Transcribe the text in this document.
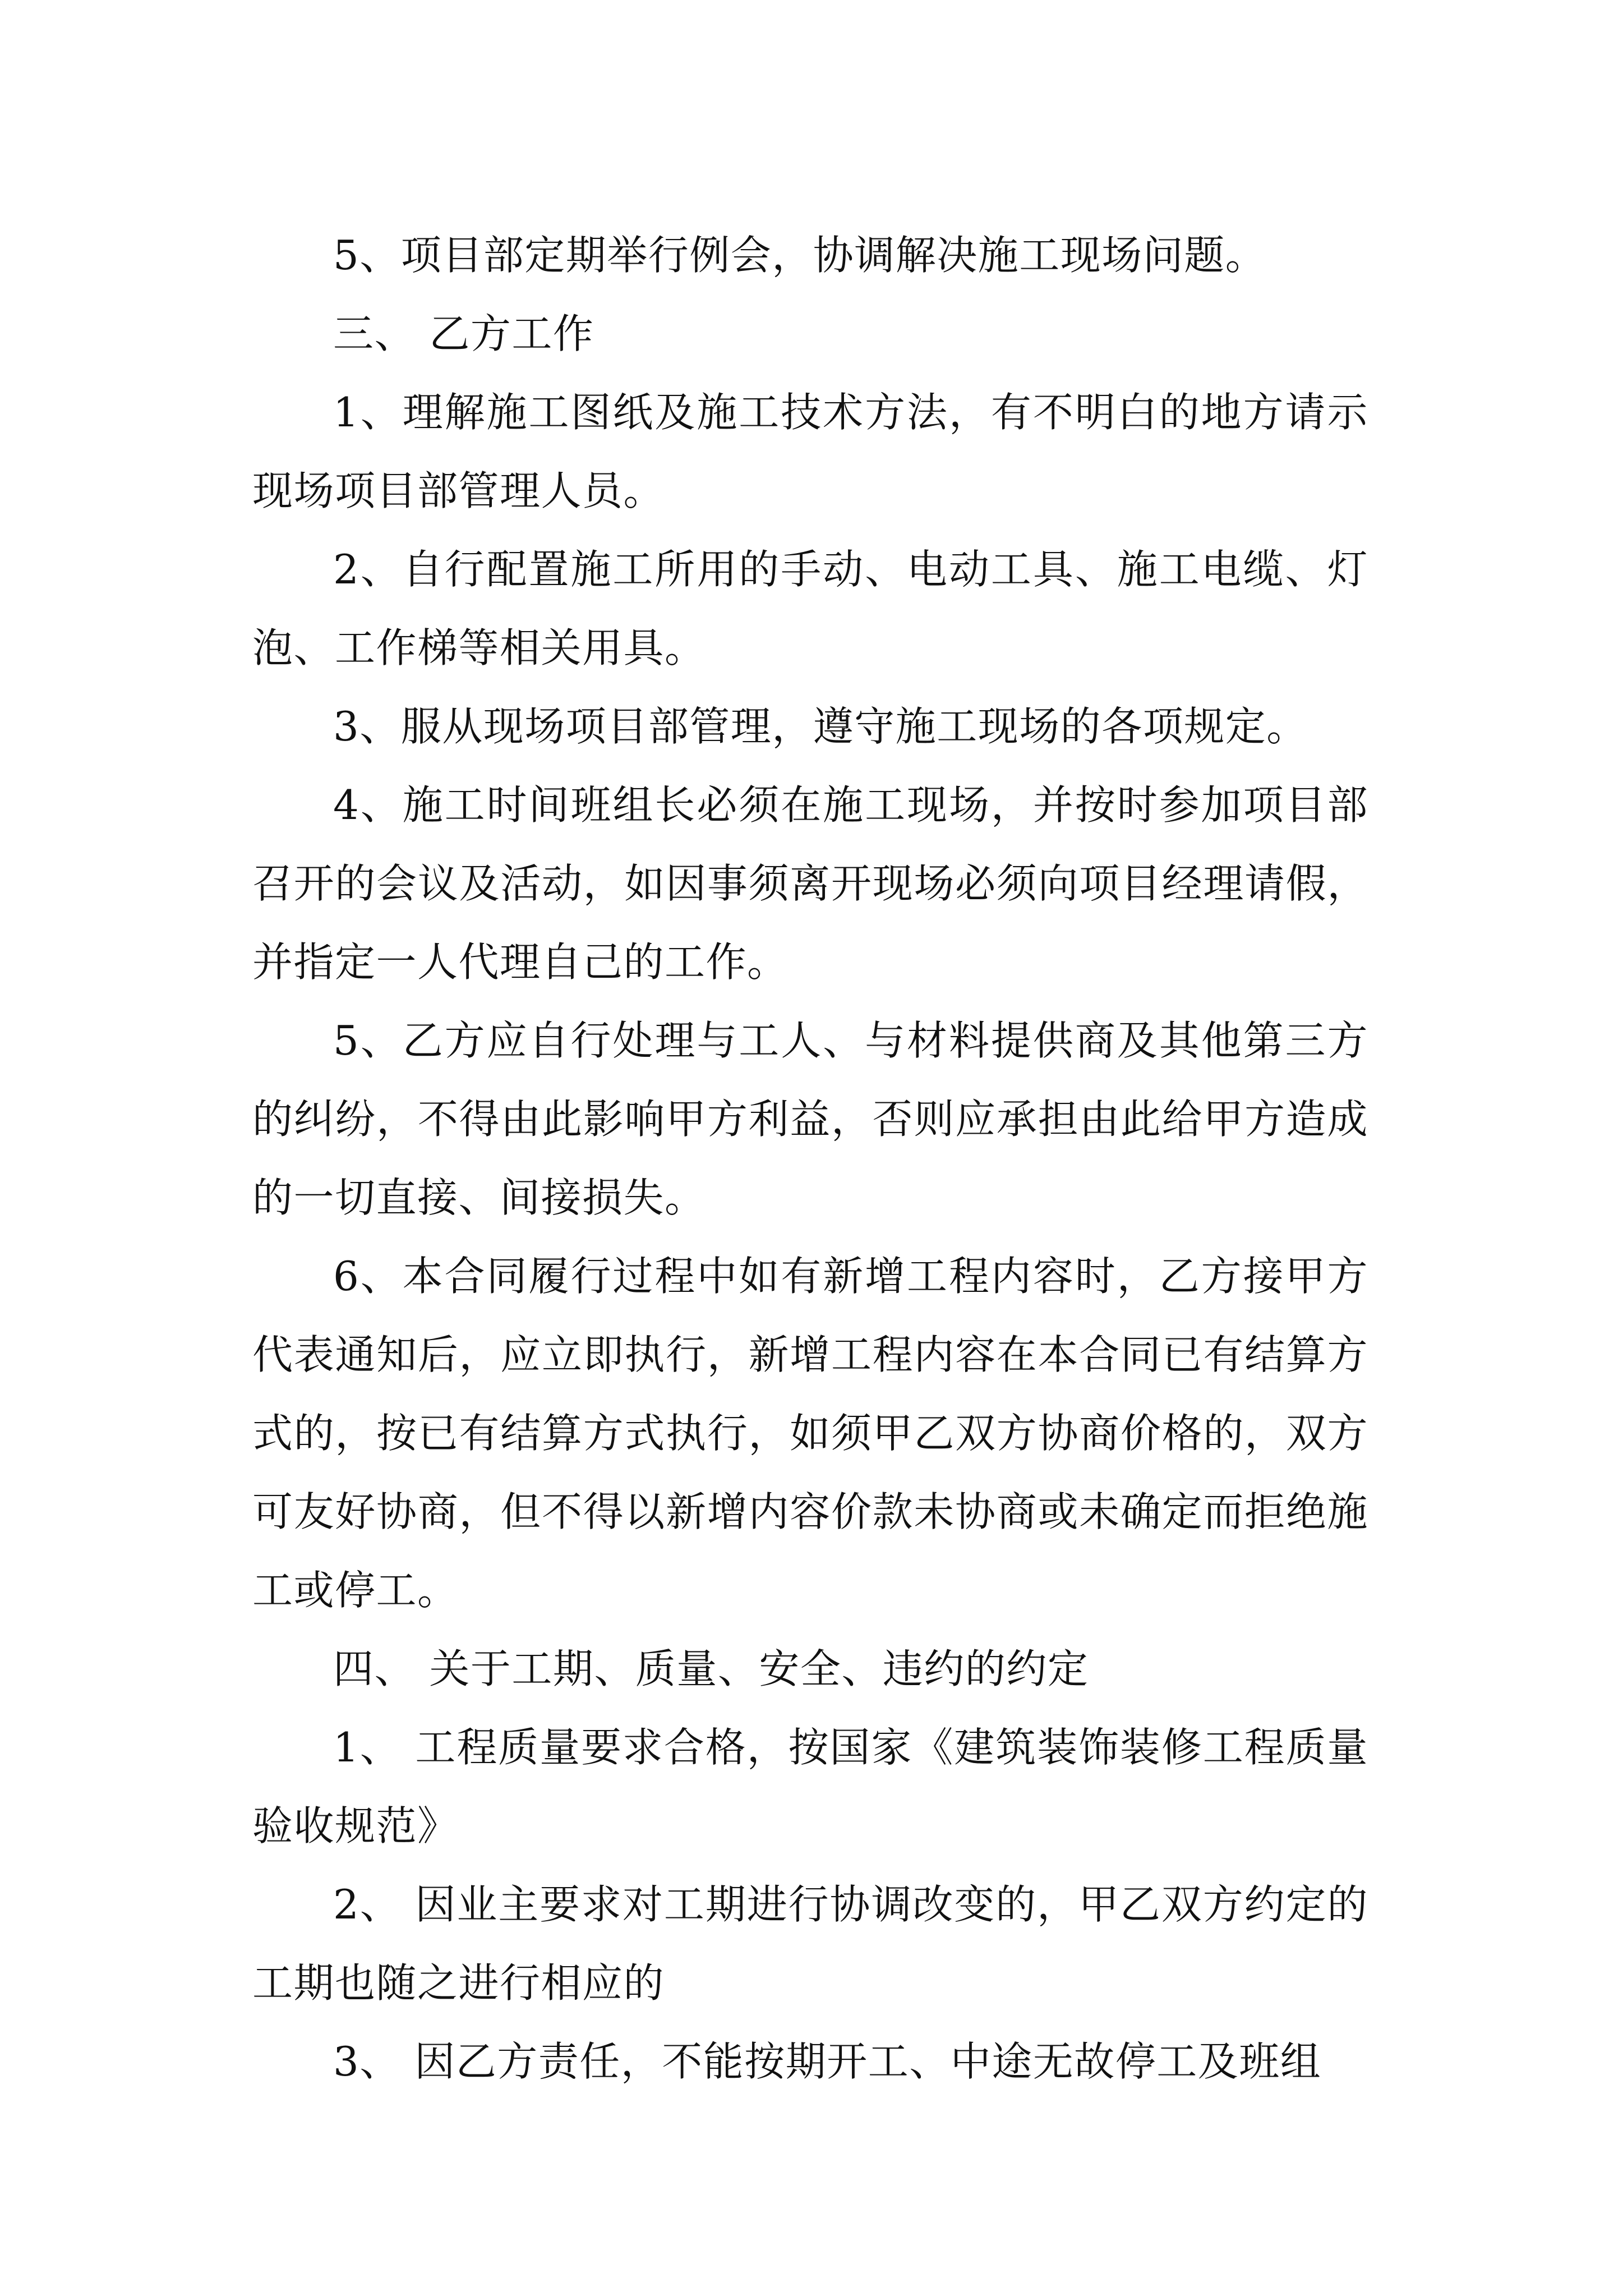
5、项目部定期举行例会，协调解决施工现场问题。

三、 乙方工作

1、理解施工图纸及施工技术方法，有不明白的地方请示现场项目部管理人员。

2、自行配置施工所用的手动、电动工具、施工电缆、灯泡、工作梯等相关用具。

3、服从现场项目部管理，遵守施工现场的各项规定。

4、施工时间班组长必须在施工现场，并按时参加项目部召开的会议及活动，如因事须离开现场必须向项目经理请假，并指定一人代理自己的工作。

5、乙方应自行处理与工人、与材料提供商及其他第三方的纠纷，不得由此影响甲方利益，否则应承担由此给甲方造成的一切直接、间接损失。

6、本合同履行过程中如有新增工程内容时，乙方接甲方代表通知后，应立即执行，新增工程内容在本合同已有结算方式的，按已有结算方式执行，如须甲乙双方协商价格的，双方可友好协商，但不得以新增内容价款未协商或未确定而拒绝施工或停工。

四、 关于工期、质量、安全、违约的约定

1、 工程质量要求合格，按国家《建筑装饰装修工程质量验收规范》

2、 因业主要求对工期进行协调改变的，甲乙双方约定的工期也随之进行相应的

3、 因乙方责任，不能按期开工、中途无故停工及班组
